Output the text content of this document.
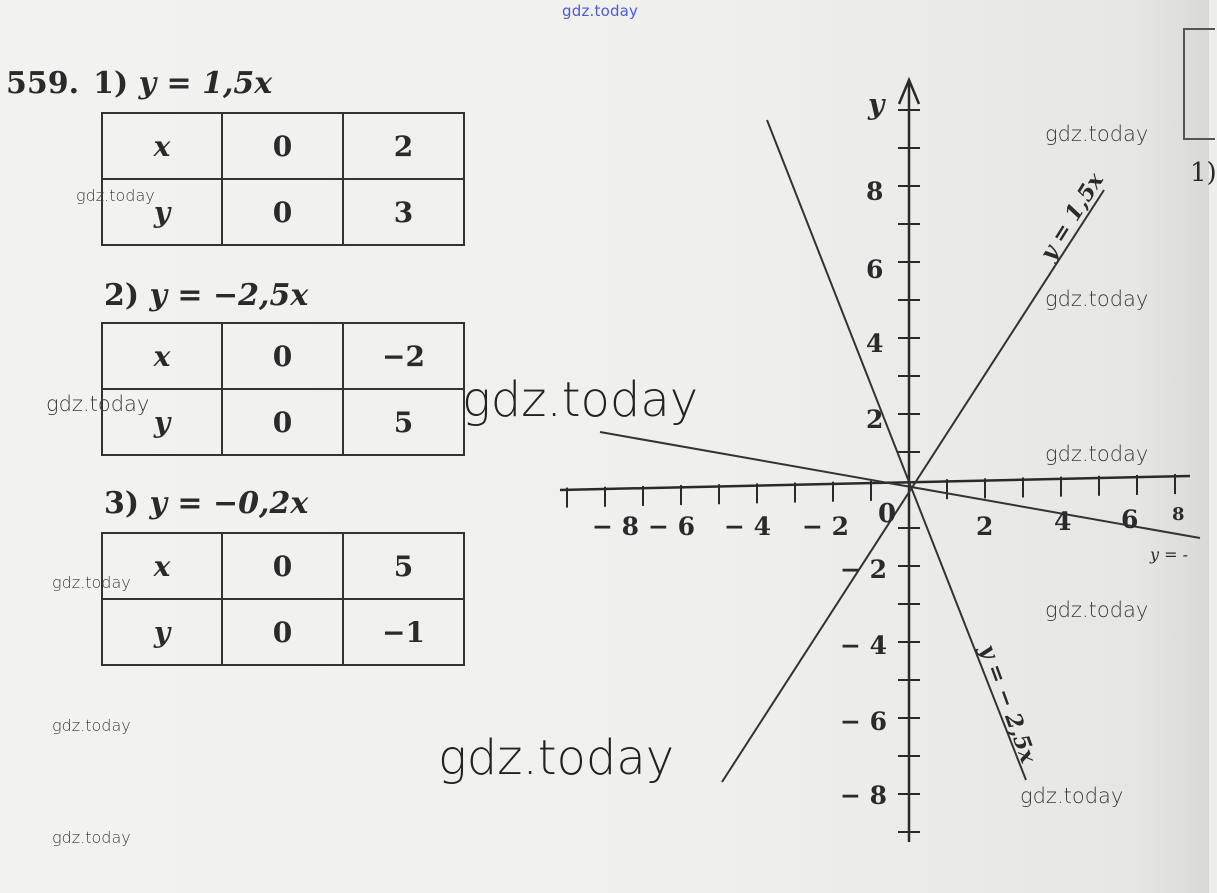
559. 1) y = 1,5x
x	0	2
y	0	3
2) y = −2,5x
x	0	−2
y	0	5
3) y = −0,2x
x	0	5
y	0	−1
y
0
− 8 − 6 − 4 − 2	2 4 6 8
8
6
4
2
− 2
− 4
− 6
− 8
y = 1,5x
y = − 2,5x
y = -
1)
gdz.today
gdz.today
gdz.today
gdz.today
gdz.today	gdz.today
gdz.today
gdz.today
gdz.today
gdz.today
gdz.today
gdz.today
gdz.today
